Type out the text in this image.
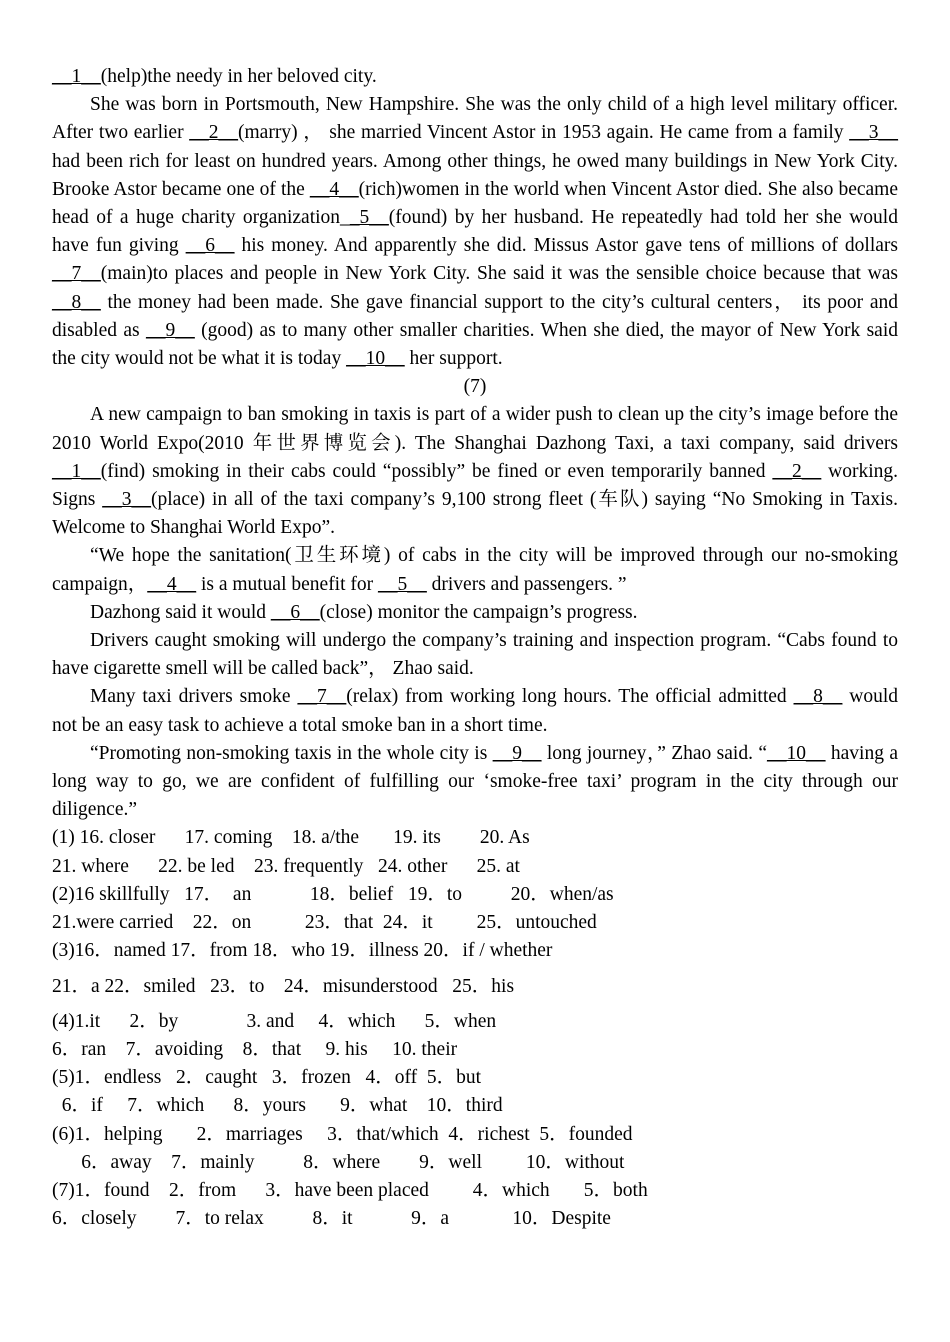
__1__(help)the needy in her beloved city.

She was born in Portsmouth, New Hampshire. She was the only child of a high level military officer. After two earlier __2__(marry) ， she married Vincent Astor in 1953 again. He came from a family __3__ had been rich for least on hundred years. Among other things, he owed many buildings in New York City. Brooke Astor became one of the __4__(rich)women in the world when Vincent Astor died. She also became head of a huge charity organization__5__(found) by her husband. He repeatedly had told her she would have fun giving __6__ his money. And apparently she did. Missus Astor gave tens of millions of dollars __7__(main)to places and people in New York City. She said it was the sensible choice because that was __8__ the money had been made. She gave financial support to the city’s cultural centers， its poor and disabled as __9__ (good) as to many other smaller charities. When she died, the mayor of New York said the city would not be what it is today __10__ her support.

(7)

A new campaign to ban smoking in taxis is part of a wider push to clean up the city’s image before the 2010 World Expo(2010 年世界博览会). The Shanghai Dazhong Taxi, a taxi company, said drivers __1__(find) smoking in their cabs could “possibly” be fined or even temporarily banned __2__ working. Signs __3__(place) in all of the taxi company’s 9,100 strong fleet (车队) saying “No Smoking in Taxis. Welcome to Shanghai World Expo”.

“We hope the sanitation(卫生环境) of cabs in the city will be improved through our no-smoking campaign，__4__ is a mutual benefit for __5__ drivers and passengers. ”

Dazhong said it would __6__(close) monitor the campaign’s progress.

Drivers caught smoking will undergo the company’s training and inspection program. “Cabs found to have cigarette smell will be called back”， Zhao said.

Many taxi drivers smoke __7__(relax) from working long hours. The official admitted __8__ would not be an easy task to achieve a total smoke ban in a short time.

“Promoting non-smoking taxis in the whole city is __9__ long journey，” Zhao said. “__10__ having a long way to go, we are confident of fulfilling our ‘smoke-free taxi’ program in the city through our diligence.”

(1) 16. closer      17. coming    18. a/the       19. its        20. As

21. where      22. be led    23. frequently   24. other      25. at

(2)16 skillfully   17．  an            18．belief   19．to          20．when/as

21.were carried    22．on           23．that  24．it         25．untouched

(3)16．named 17．from 18．who 19．illness 20．if / whether

21．a 22．smiled   23．to    24．misunderstood   25．his

(4)1.it      2．by              3. and     4．which      5．when

6．ran    7．avoiding    8．that     9. his     10. their

(5)1．endless   2．caught   3．frozen   4．off  5．but

6．if     7．which      8．yours       9．what    10．third

(6)1．helping       2．marriages     3．that/which  4．richest  5．founded

6．away    7．mainly          8．where        9．well         10．without

(7)1．found    2．from      3．have been placed         4．which       5．both

6．closely        7．to relax          8．it            9．a             10．Despite
